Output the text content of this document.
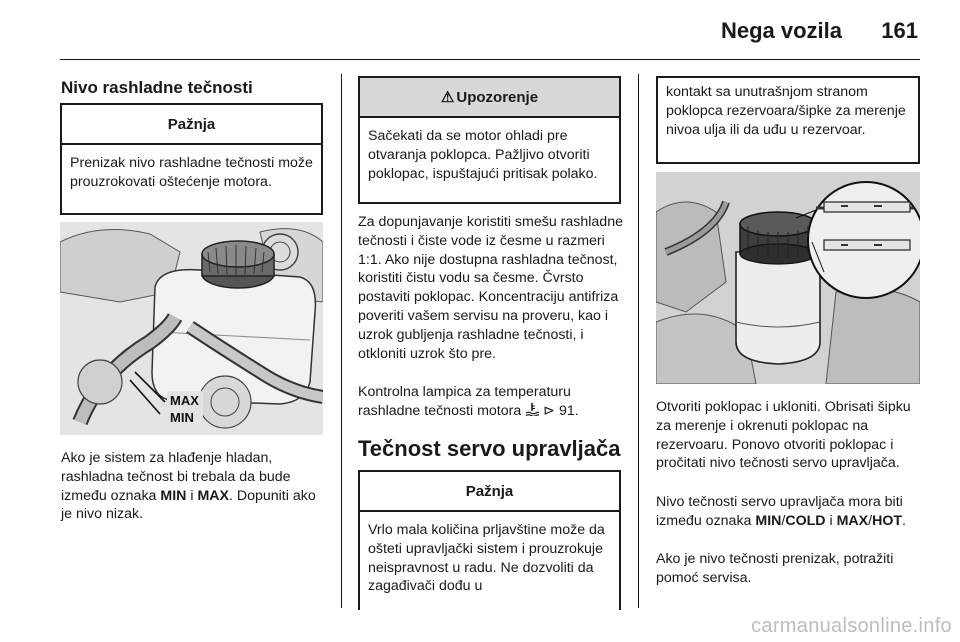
Nega vozila 161
Nivo rashladne tečnosti
Pažnja
Prenizak nivo rashladne tečnosti može prouzrokovati oštećenje motora.
MAX
MIN
Ako je sistem za hlađenje hladan, rashladna tečnost bi trebala da bude između oznaka MIN i MAX. Dopuniti ako je nivo nizak.
⚠ Upozorenje
Sačekati da se motor ohladi pre otvaranja poklopca. Pažljivo otvoriti poklopac, ispuštajući pritisak polako.
Za dopunjavanje koristiti smešu rashladne tečnosti i čiste vode iz česme u razmeri 1:1. Ako nije dostupna rashladna tečnost, koristiti čistu vodu sa česme. Čvrsto postaviti poklopac. Koncentraciju antifriza poveriti vašem servisu na proveru, kao i uzrok gubljenja rashladne tečnosti, i otkloniti uzrok što pre.
Kontrolna lampica za temperaturu rashladne tečnosti motora  ⊳ 91.
Tečnost servo upravljača
Pažnja
Vrlo mala količina prljavštine može da ošteti upravljački sistem i prouzrokuje neispravnost u radu. Ne dozvoliti da zagađivači dođu u
kontakt sa unutrašnjom stranom poklopca rezervoara/šipke za merenje nivoa ulja ili da uđu u rezervoar.
Otvoriti poklopac i ukloniti. Obrisati šipku za merenje i okrenuti poklopac na rezervoaru. Ponovo otvoriti poklopac i pročitati nivo tečnosti servo upravljača.
Nivo tečnosti servo upravljača mora biti između oznaka MIN/COLD i MAX/HOT.
Ako je nivo tečnosti prenizak, potražiti pomoć servisa.
carmanualsonline.info
